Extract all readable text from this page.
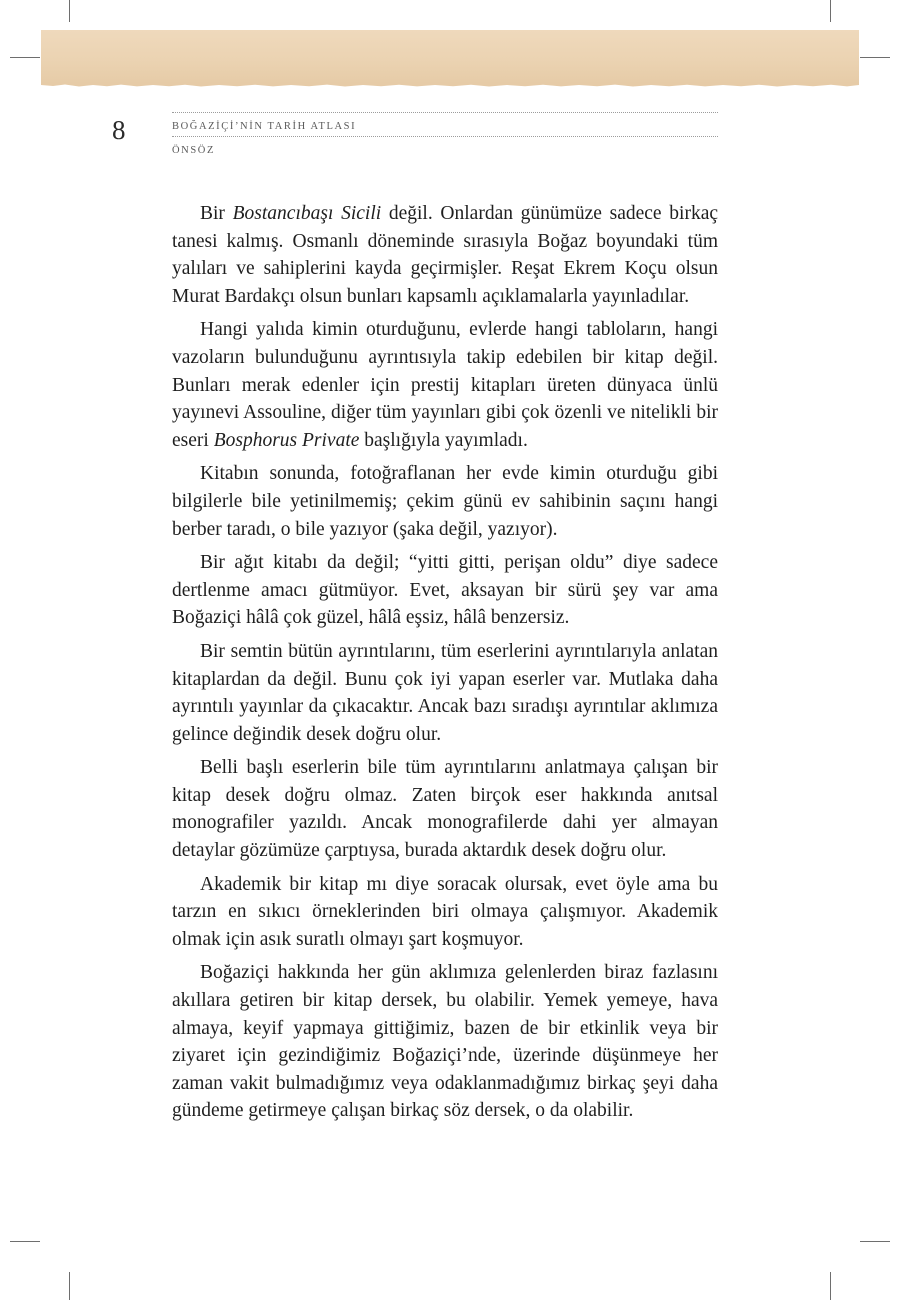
8	BOĞAZİÇİ’NİN TARİH ATLASI
ÖNSÖZ

Bir Bostancıbaşı Sicili değil. Onlardan günümüze sadece birkaç tanesi kalmış. Osmanlı döneminde sırasıyla Boğaz boyundaki tüm yalıları ve sahiplerini kayda geçirmişler. Reşat Ekrem Koçu olsun Murat Bardakçı olsun bunları kapsamlı açıklamalarla yayınladılar.

Hangi yalıda kimin oturduğunu, evlerde hangi tabloların, hangi vazoların bulunduğunu ayrıntısıyla takip edebilen bir kitap değil. Bunları merak edenler için prestij kitapları üreten dünyaca ünlü yayınevi Assouline, diğer tüm yayınları gibi çok özenli ve nitelikli bir eseri Bosphorus Private başlığıyla yayımladı.

Kitabın sonunda, fotoğraflanan her evde kimin oturduğu gibi bilgilerle bile yetinilmemiş; çekim günü ev sahibinin saçını hangi berber taradı, o bile yazıyor (şaka değil, yazıyor).

Bir ağıt kitabı da değil; “yitti gitti, perişan oldu” diye sadece dertlenme amacı gütmüyor. Evet, aksayan bir sürü şey var ama Boğaziçi hâlâ çok güzel, hâlâ eşsiz, hâlâ benzersiz.

Bir semtin bütün ayrıntılarını, tüm eserlerini ayrıntılarıyla anlatan kitaplardan da değil. Bunu çok iyi yapan eserler var. Mutlaka daha ayrıntılı yayınlar da çıkacaktır. Ancak bazı sıradışı ayrıntılar aklımıza gelince değindik desek doğru olur.

Belli başlı eserlerin bile tüm ayrıntılarını anlatmaya çalışan bir kitap desek doğru olmaz. Zaten birçok eser hakkında anıtsal monografiler yazıldı. Ancak monografilerde dahi yer almayan detaylar gözümüze çarptıysa, burada aktardık desek doğru olur.

Akademik bir kitap mı diye soracak olursak, evet öyle ama bu tarzın en sıkıcı örneklerinden biri olmaya çalışmıyor. Akademik olmak için asık suratlı olmayı şart koşmuyor.

Boğaziçi hakkında her gün aklımıza gelenlerden biraz fazlasını akıllara getiren bir kitap dersek, bu olabilir. Yemek yemeye, hava almaya, keyif yapmaya gittiğimiz, bazen de bir etkinlik veya bir ziyaret için gezindiğimiz Boğaziçi’nde, üzerinde düşünmeye her zaman vakit bulmadığımız veya odaklanmadığımız birkaç şeyi daha gündeme getirmeye çalışan birkaç söz dersek, o da olabilir.
